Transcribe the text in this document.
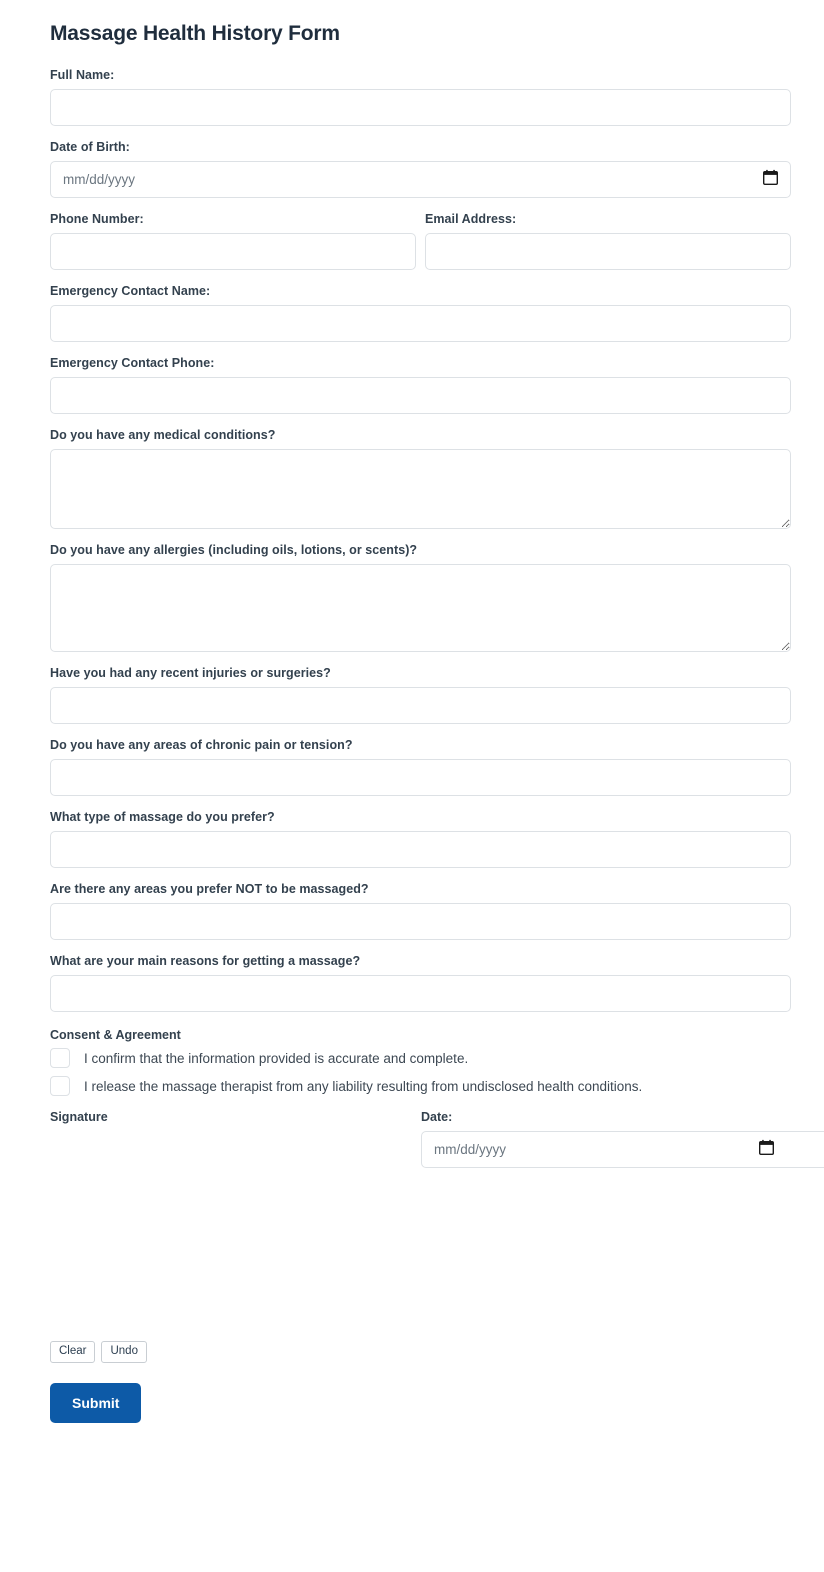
Massage Health History Form
Full Name:
Date of Birth:
mm/dd/yyyy
Phone Number:	Email Address:
Emergency Contact Name:
Emergency Contact Phone:
Do you have any medical conditions?
Do you have any allergies (including oils, lotions, or scents)?
Have you had any recent injuries or surgeries?
Do you have any areas of chronic pain or tension?
What type of massage do you prefer?
Are there any areas you prefer NOT to be massaged?
What are your main reasons for getting a massage?
Consent & Agreement
I confirm that the information provided is accurate and complete.
I release the massage therapist from any liability resulting from undisclosed health conditions.
Signature
Clear	Undo
Date:
mm/dd/yyyy
Submit
